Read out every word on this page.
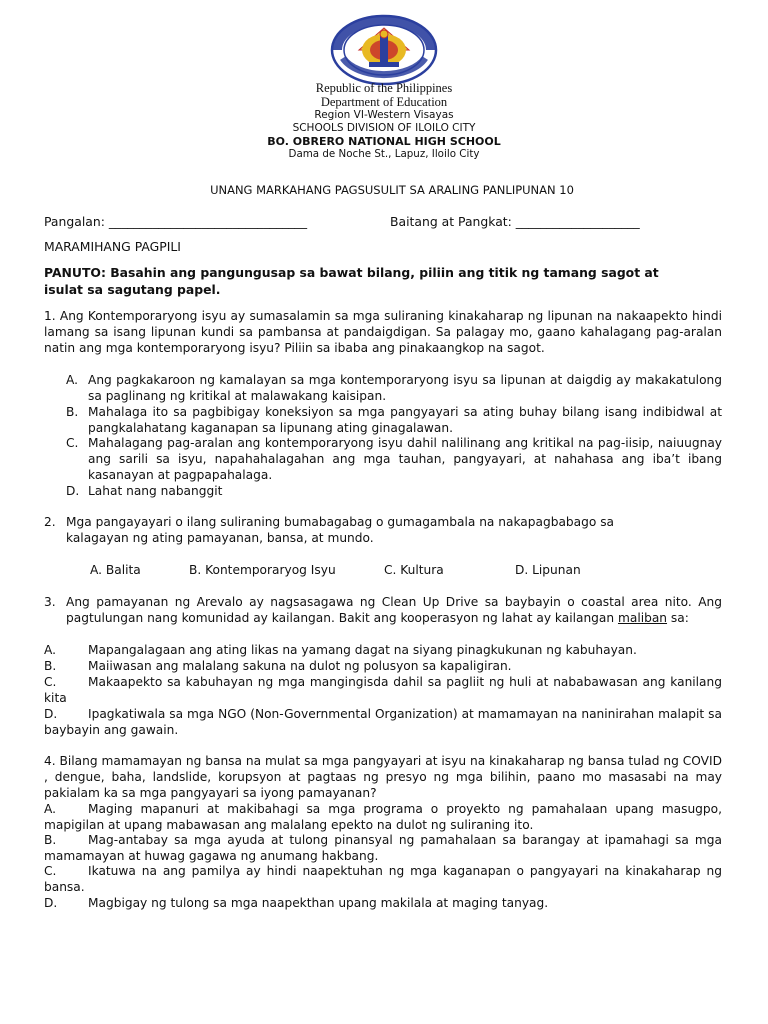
Republic of the Philippines
Department of Education
Region VI-Western Visayas
SCHOOLS DIVISION OF ILOILO CITY
BO. OBRERO NATIONAL HIGH SCHOOL
Dama de Noche St., Lapuz, Iloilo City
UNANG MARKAHANG PAGSUSULIT SA ARALING PANLIPUNAN 10
Pangalan: ________________________________	Baitang at Pangkat: ____________________
MARAMIHANG PAGPILI
PANUTO: Basahin ang pangungusap sa bawat bilang, piliin ang titik ng tamang sagot at
isulat sa sagutang papel.
1. Ang Kontemporaryong isyu ay sumasalamin sa mga suliraning kinakaharap ng lipunan na nakaapekto hindi lamang sa isang lipunan kundi sa pambansa at pandaigdigan. Sa palagay mo, gaano kahalagang pag-aralan natin ang mga kontemporaryong isyu? Piliin sa ibaba ang pinakaangkop na sagot.
A. Ang pagkakaroon ng kamalayan sa mga kontemporaryong isyu sa lipunan at daigdig ay makakatulong sa paglinang ng kritikal at malawakang kaisipan.
B. Mahalaga ito sa pagbibigay koneksiyon sa mga pangyayari sa ating buhay bilang isang indibidwal at pangkalahatang kaganapan sa lipunang ating ginagalawan.
C. Mahalagang pag-aralan ang kontemporaryong isyu dahil nalilinang ang kritikal na pag-iisip, naiuugnay ang sarili sa isyu, napahahalagahan ang mga tauhan, pangyayari, at nahahasa ang iba’t ibang kasanayan at pagpapahalaga.
D. Lahat nang nabanggit
2. Mga pangayayari o ilang suliraning bumabagabag o gumagambala na nakapagbabago sa
kalagayan ng ating pamayanan, bansa, at mundo.
A. Balita	B. Kontemporaryog Isyu	C. Kultura	D. Lipunan
3. Ang pamayanan ng Arevalo ay nagsasagawa ng Clean Up Drive sa baybayin o coastal area nito. Ang pagtulungan nang komunidad ay kailangan. Bakit ang kooperasyon ng lahat ay kailangan maliban sa:
A.	Mapangalagaan ang ating likas na yamang dagat na siyang pinagkukunan ng kabuhayan.
B.	Maiiwasan ang malalang sakuna na dulot ng polusyon sa kapaligiran.
C.	Makaapekto sa kabuhayan ng mga mangingisda dahil sa pagliit ng huli at nababawasan ang kanilang kita
D.	Ipagkatiwala sa mga NGO (Non-Governmental Organization) at mamamayan na naninirahan malapit sa baybayin ang gawain.
4. Bilang mamamayan ng bansa na mulat sa mga pangyayari at isyu na kinakaharap ng bansa tulad ng COVID , dengue, baha, landslide, korupsyon at pagtaas ng presyo ng mga bilihin, paano mo masasabi na may pakialam ka sa mga pangyayari sa iyong pamayanan?
A.	Maging mapanuri at makibahagi sa mga programa o proyekto ng pamahalaan upang masugpo, mapigilan at upang mabawasan ang malalang epekto na dulot ng suliraning ito.
B.	Mag-antabay sa mga ayuda at tulong pinansyal ng pamahalaan sa barangay at ipamahagi sa mga mamamayan at huwag gagawa ng anumang hakbang.
C.	Ikatuwa na ang pamilya ay hindi naapektuhan ng mga kaganapan o pangyayari na kinakaharap ng bansa.
D.	Magbigay ng tulong sa mga naapekthan upang makilala at maging tanyag.
